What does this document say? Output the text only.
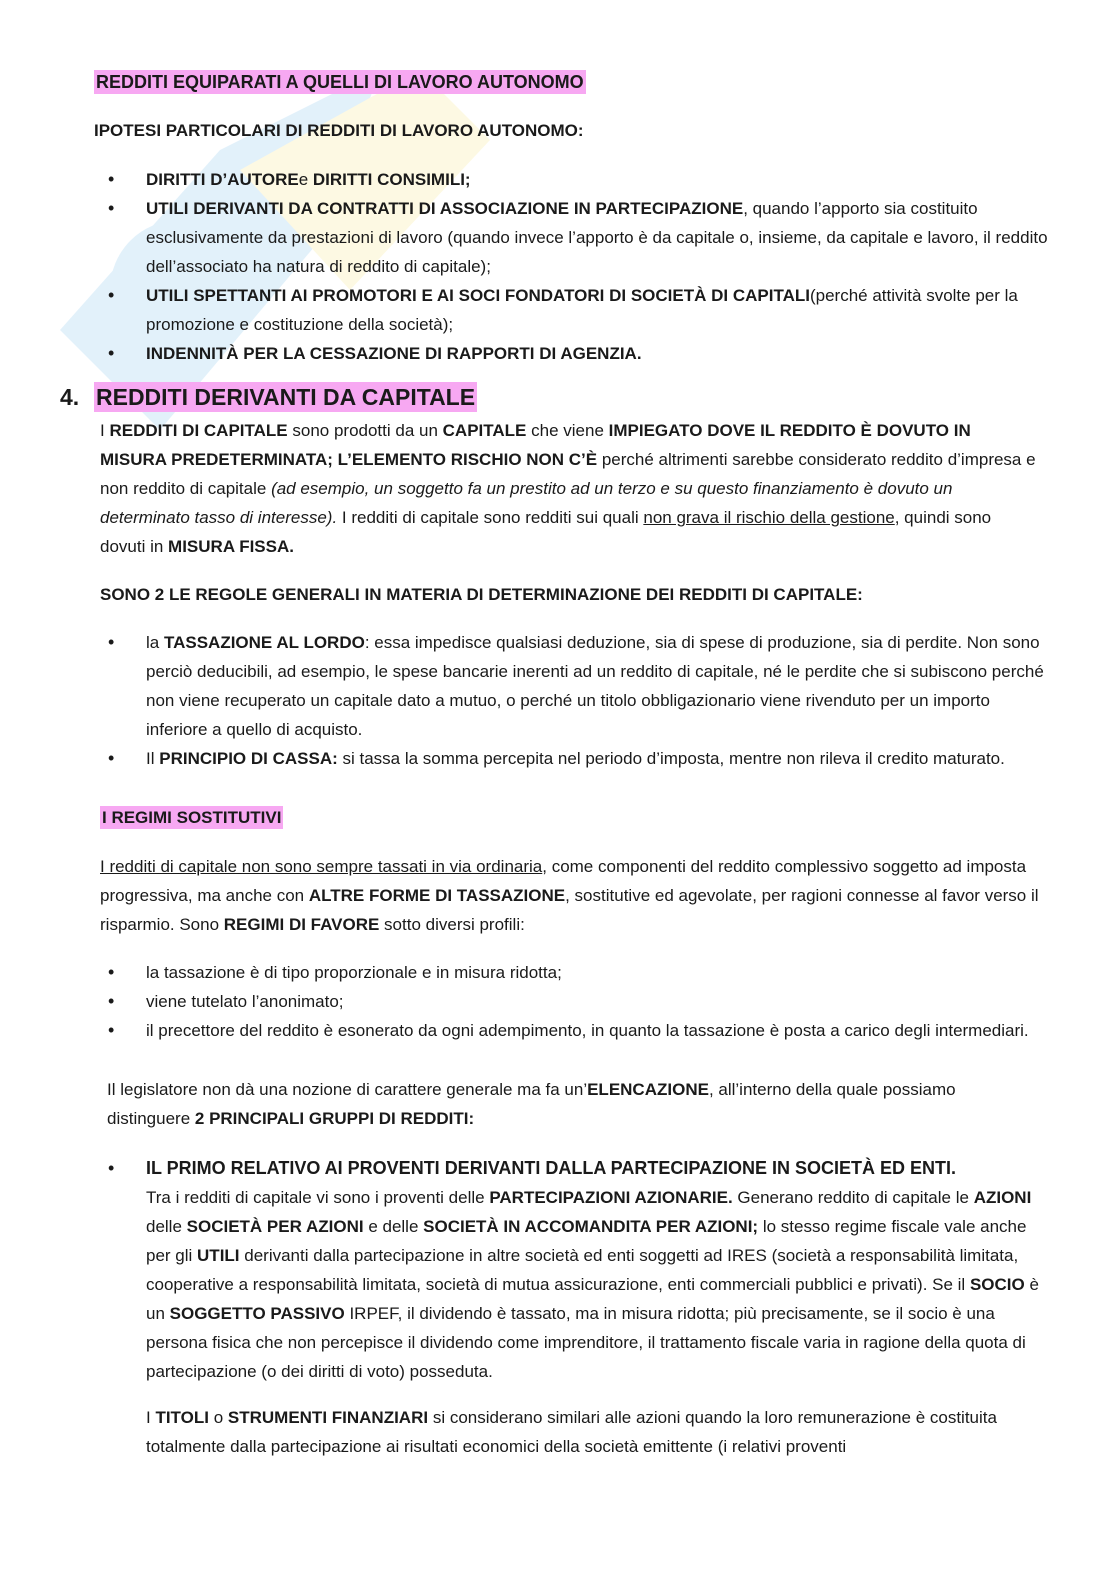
REDDITI EQUIPARATI A QUELLI DI LAVORO AUTONOMO
IPOTESI PARTICOLARI DI REDDITI DI LAVORO AUTONOMO:
• DIRITTI D’AUTOREe DIRITTI CONSIMILI;
• UTILI DERIVANTI DA CONTRATTI DI ASSOCIAZIONE IN PARTECIPAZIONE, quando l’apporto sia costituito esclusivamente da prestazioni di lavoro (quando invece l’apporto è da capitale o, insieme, da capitale e lavoro, il reddito dell’associato ha natura di reddito di capitale);
• UTILI SPETTANTI AI PROMOTORI E AI SOCI FONDATORI DI SOCIETÀ DI CAPITALI(perché attività svolte per la promozione e costituzione della società);
• INDENNITÀ PER LA CESSAZIONE DI RAPPORTI DI AGENZIA.
4. REDDITI DERIVANTI DA CAPITALE
I REDDITI DI CAPITALE sono prodotti da un CAPITALE che viene IMPIEGATO DOVE IL REDDITO È DOVUTO IN MISURA PREDETERMINATA; L’ELEMENTO RISCHIO NON C’È perché altrimenti sarebbe considerato reddito d’impresa e non reddito di capitale (ad esempio, un soggetto fa un prestito ad un terzo e su questo finanziamento è dovuto un determinato tasso di interesse). I redditi di capitale sono redditi sui quali non grava il rischio della gestione, quindi sono dovuti in MISURA FISSA.
SONO 2 LE REGOLE GENERALI IN MATERIA DI DETERMINAZIONE DEI REDDITI DI CAPITALE:
• la TASSAZIONE AL LORDO: essa impedisce qualsiasi deduzione, sia di spese di produzione, sia di perdite. Non sono perciò deducibili, ad esempio, le spese bancarie inerenti ad un reddito di capitale, né le perdite che si subiscono perché non viene recuperato un capitale dato a mutuo, o perché un titolo obbligazionario viene rivenduto per un importo inferiore a quello di acquisto.
• Il PRINCIPIO DI CASSA: si tassa la somma percepita nel periodo d’imposta, mentre non rileva il credito maturato.
I REGIMI SOSTITUTIVI
I redditi di capitale non sono sempre tassati in via ordinaria, come componenti del reddito complessivo soggetto ad imposta progressiva, ma anche con ALTRE FORME DI TASSAZIONE, sostitutive ed agevolate, per ragioni connesse al favor verso il risparmio. Sono REGIMI DI FAVORE sotto diversi profili:
• la tassazione è di tipo proporzionale e in misura ridotta;
• viene tutelato l’anonimato;
• il precettore del reddito è esonerato da ogni adempimento, in quanto la tassazione è posta a carico degli intermediari.
Il legislatore non dà una nozione di carattere generale ma fa un’ELENCAZIONE, all’interno della quale possiamo distinguere 2 PRINCIPALI GRUPPI DI REDDITI:
• IL PRIMO RELATIVO AI PROVENTI DERIVANTI DALLA PARTECIPAZIONE IN SOCIETÀ ED ENTI.
Tra i redditi di capitale vi sono i proventi delle PARTECIPAZIONI AZIONARIE. Generano reddito di capitale le AZIONI delle SOCIETÀ PER AZIONI e delle SOCIETÀ IN ACCOMANDITA PER AZIONI; lo stesso regime fiscale vale anche per gli UTILI derivanti dalla partecipazione in altre società ed enti soggetti ad IRES (società a responsabilità limitata, cooperative a responsabilità limitata, società di mutua assicurazione, enti commerciali pubblici e privati). Se il SOCIO è un SOGGETTO PASSIVO IRPEF, il dividendo è tassato, ma in misura ridotta; più precisamente, se il socio è una persona fisica che non percepisce il dividendo come imprenditore, il trattamento fiscale varia in ragione della quota di partecipazione (o dei diritti di voto) posseduta.
I TITOLI o STRUMENTI FINANZIARI si considerano similari alle azioni quando la loro remunerazione è costituita totalmente dalla partecipazione ai risultati economici della società emittente (i relativi proventi
